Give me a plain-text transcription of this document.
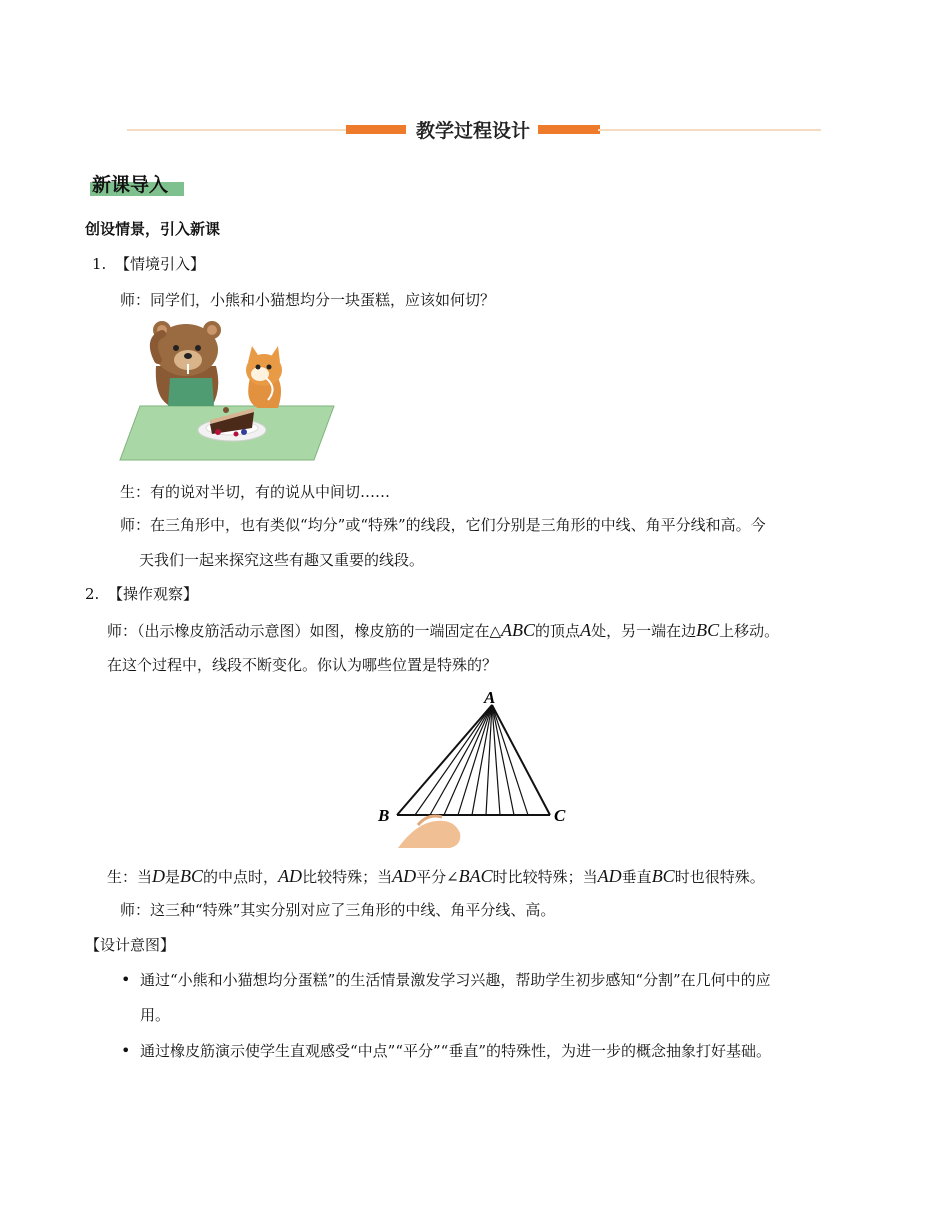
教学过程设计
新课导入
创设情景，引入新课
1. 【情境引入】
师：同学们，小熊和小猫想均分一块蛋糕，应该如何切？
生：有的说对半切，有的说从中间切……
师：在三角形中，也有类似“均分”或“特殊”的线段，它们分别是三角形的中线、角平分线和高。今
天我们一起来探究这些有趣又重要的线段。
2. 【操作观察】
师：（出示橡皮筋活动示意图）如图，橡皮筋的一端固定在△ABC的顶点A处，另一端在边BC上移动。
在这个过程中，线段不断变化。你认为哪些位置是特殊的？
A
B	C
生：当D是BC的中点时，AD比较特殊；当AD平分∠BAC时比较特殊；当AD垂直BC时也很特殊。
师：这三种“特殊”其实分别对应了三角形的中线、角平分线、高。
【设计意图】
• 通过“小熊和小猫想均分蛋糕”的生活情景激发学习兴趣，帮助学生初步感知“分割”在几何中的应
用。
• 通过橡皮筋演示使学生直观感受“中点”“平分”“垂直”的特殊性，为进一步的概念抽象打好基础。
